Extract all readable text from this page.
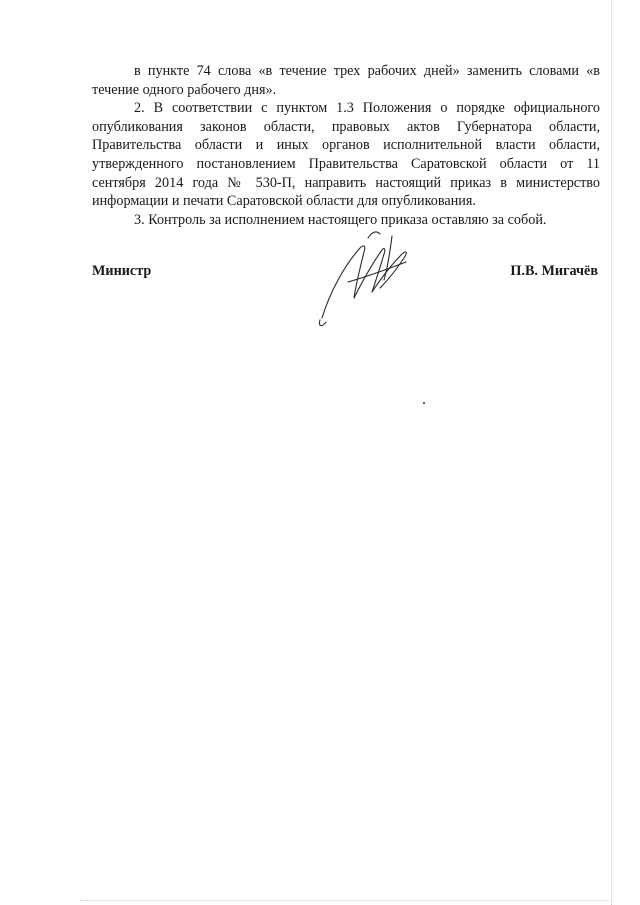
в пункте 74 слова «в течение трех рабочих дней» заменить словами «в течение одного рабочего дня».

2. В соответствии с пунктом 1.3 Положения о порядке официального опубликования законов области, правовых актов Губернатора области, Правительства области и иных органов исполнительной власти области, утвержденного постановлением Правительства Саратовской области от 11 сентября 2014 года № 530-П, направить настоящий приказ в министерство информации и печати Саратовской области для опубликования.

3. Контроль за исполнением настоящего приказа оставляю за собой.

Министр	П.В. Мигачёв
